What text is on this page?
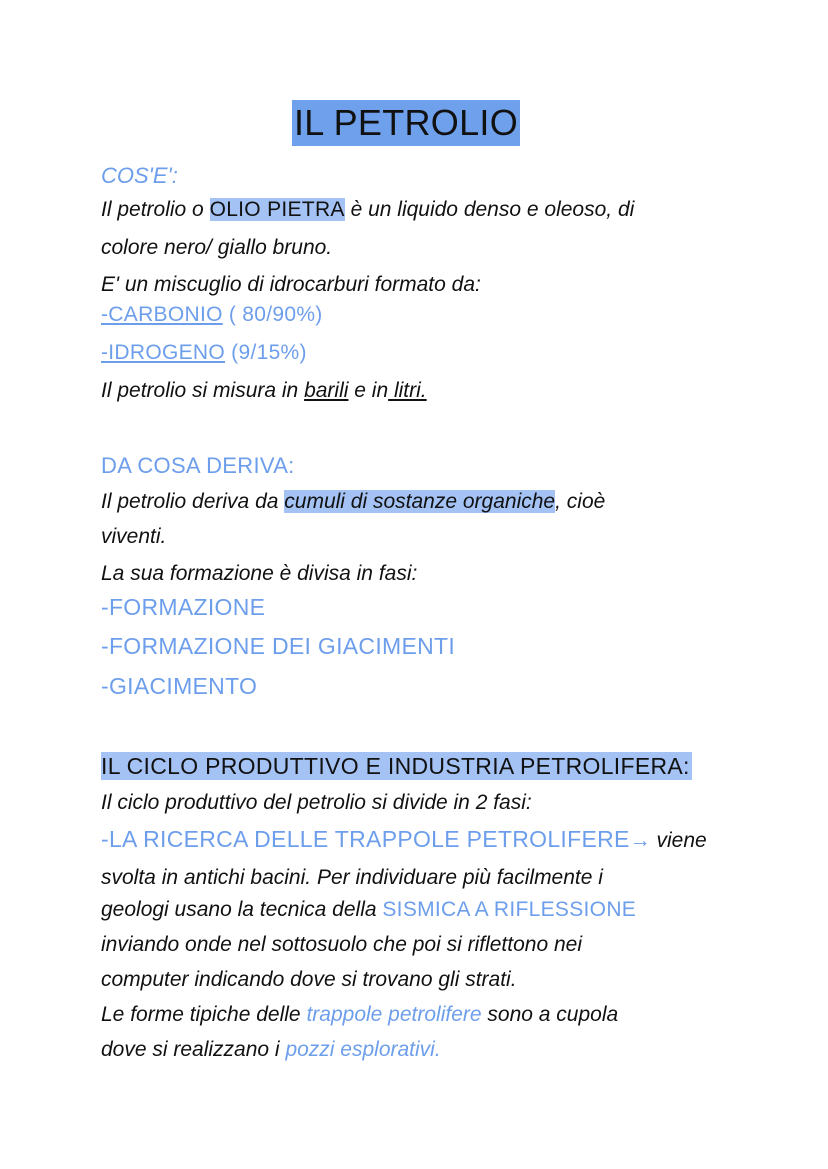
IL PETROLIO
COS'E':
Il petrolio o OLIO PIETRA è un liquido denso e oleoso, di
colore nero/ giallo bruno.
E' un miscuglio di idrocarburi formato da:
-CARBONIO ( 80/90%)
-IDROGENO (9/15%)
Il petrolio si misura in barili e in litri.
DA COSA DERIVA:
Il petrolio deriva da cumuli di sostanze organiche, cioè
viventi.
La sua formazione è divisa in fasi:
-FORMAZIONE
-FORMAZIONE DEI GIACIMENTI
-GIACIMENTO
IL CICLO PRODUTTIVO E INDUSTRIA PETROLIFERA:
Il ciclo produttivo del petrolio si divide in 2 fasi:
-LA RICERCA DELLE TRAPPOLE PETROLIFERE→ viene
svolta in antichi bacini. Per individuare più facilmente i
geologi usano la tecnica della SISMICA A RIFLESSIONE
inviando onde nel sottosuolo che poi si riflettono nei
computer indicando dove si trovano gli strati.
Le forme tipiche delle trappole petrolifere sono a cupola
dove si realizzano i pozzi esplorativi.
